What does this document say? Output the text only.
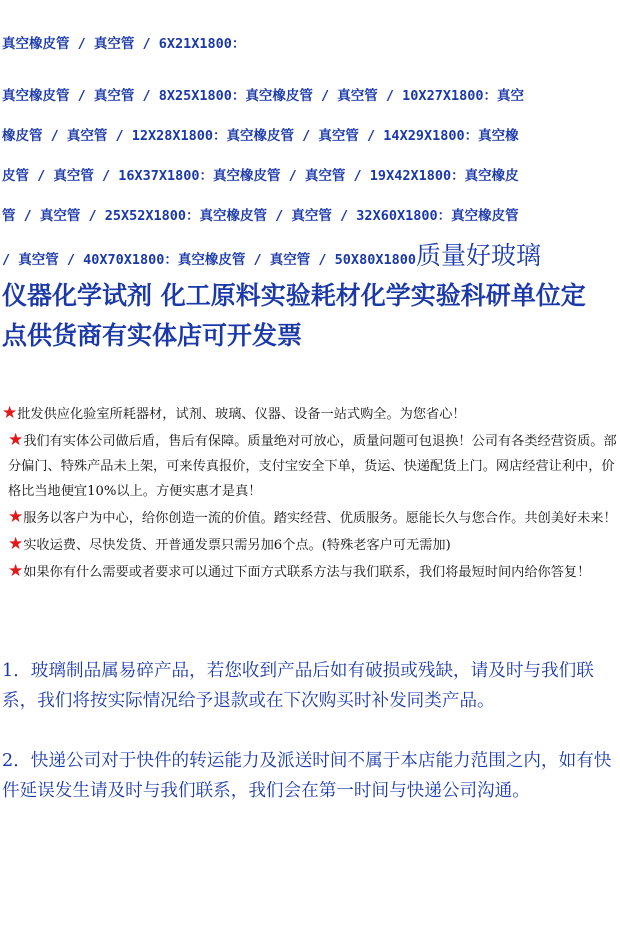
真空橡皮管 / 真空管 / 6X21X1800：
真空橡皮管 / 真空管 / 8X25X1800：真空橡皮管 / 真空管 / 10X27X1800：真空
橡皮管 / 真空管 / 12X28X1800：真空橡皮管 / 真空管 / 14X29X1800：真空橡
皮管 / 真空管 / 16X37X1800：真空橡皮管 / 真空管 / 19X42X1800：真空橡皮
管 / 真空管 / 25X52X1800：真空橡皮管 / 真空管 / 32X60X1800：真空橡皮管
/ 真空管 / 40X70X1800：真空橡皮管 / 真空管 / 50X80X1800质量好玻璃
仪器化学试剂 化工原料实验耗材化学实验科研单位定
点供货商有实体店可开发票

★批发供应化验室所耗器材，试剂、玻璃、仪器、设备一站式购全。为您省心！

★我们有实体公司做后盾，售后有保障。质量绝对可放心，质量问题可包退换！公司有各类经营资质。部分偏门、特殊产品未上架，可来传真报价，支付宝安全下单，货运、快递配货上门。网店经营让利中，价格比当地便宜10%以上。方便实惠才是真！

★服务以客户为中心，给你创造一流的价值。踏实经营、优质服务。愿能长久与您合作。共创美好未来！

★实收运费、尽快发货、开普通发票只需另加6个点。(特殊老客户可无需加)

★如果你有什么需要或者要求可以通过下面方式联系方法与我们联系，我们将最短时间内给你答复！

1．玻璃制品属易碎产品，若您收到产品后如有破损或残缺，请及时与我们联系，我们将按实际情况给予退款或在下次购买时补发同类产品。

2．快递公司对于快件的转运能力及派送时间不属于本店能力范围之内，如有快件延误发生请及时与我们联系，我们会在第一时间与快递公司沟通。
